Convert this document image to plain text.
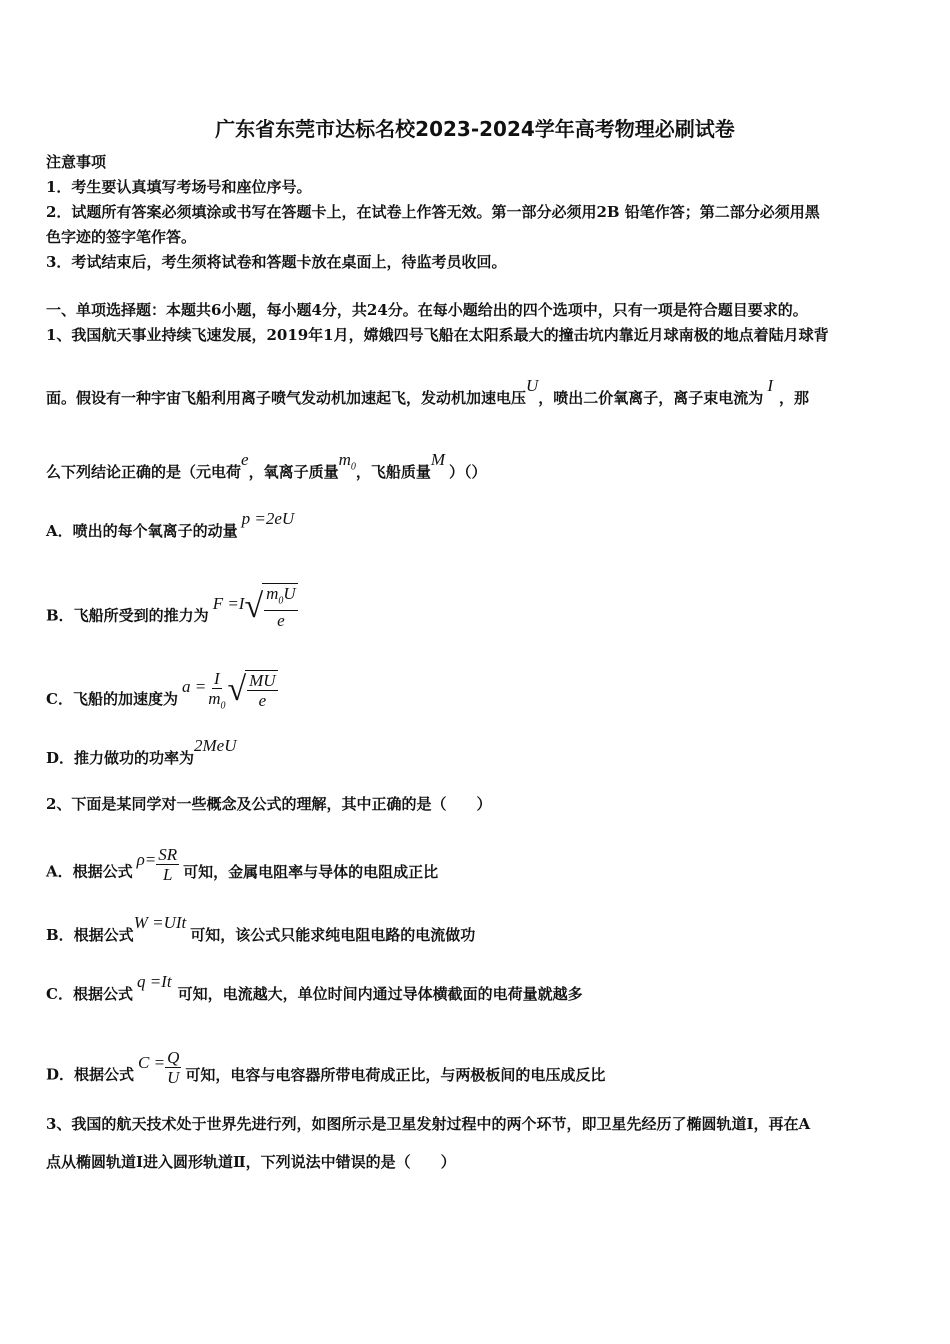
广东省东莞市达标名校2023-2024学年高考物理必刷试卷
注意事项
1．考生要认真填写考场号和座位序号。
2．试题所有答案必须填涂或书写在答题卡上，在试卷上作答无效。第一部分必须用2B 铅笔作答；第二部分必须用黑
色字迹的签字笔作答。
3．考试结束后，考生须将试卷和答题卡放在桌面上，待监考员收回。
一、单项选择题：本题共6小题，每小题4分，共24分。在每小题给出的四个选项中，只有一项是符合题目要求的。
1、我国航天事业持续飞速发展，2019年1月，嫦娥四号飞船在太阳系最大的撞击坑内靠近月球南极的地点着陆月球背
面。假设有一种宇宙飞船利用离子喷气发动机加速起飞，发动机加速电压U，喷出二价氧离子，离子束电流为I，那
么下列结论正确的是（元电荷e，氧离子质量$m_0$，飞船质量M）（）
A．喷出的每个氧离子的动量p =2eU
B．飞船所受到的推力为F =I √ $\frac{m_0U}{e}$
C．飞船的加速度为$a = \frac{I}{m_0}$ √ $\frac{MU}{e}$
D．推力做功的功率为2MeU
2、下面是某同学对一些概念及公式的理解，其中正确的是（　　）
A．根据公式$\rho= \frac{SR}{L}$ 可知，金属电阻率与导体的电阻成正比
B．根据公式W =UIt可知，该公式只能求纯电阻电路的电流做功
C．根据公式q =It可知，电流越大，单位时间内通过导体横截面的电荷量就越多
D．根据公式$C = \frac{Q}{U}$ 可知，电容与电容器所带电荷成正比，与两极板间的电压成反比
3、我国的航天技术处于世界先进行列，如图所示是卫星发射过程中的两个环节，即卫星先经历了椭圆轨道I，再在A
点从椭圆轨道I进入圆形轨道Ⅱ，下列说法中错误的是（　　）
